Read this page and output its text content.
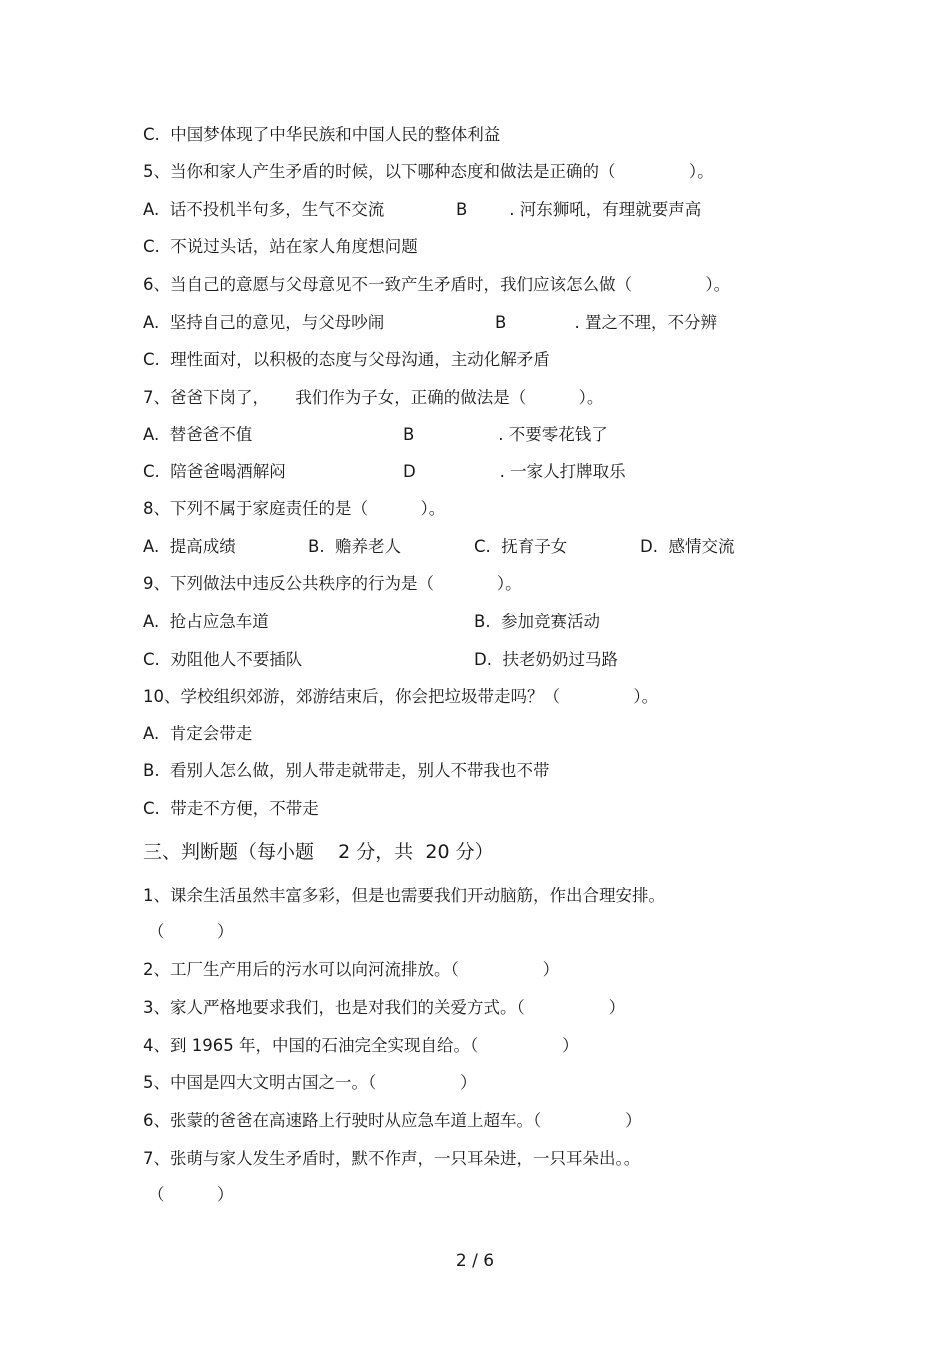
C.  中国梦体现了中华民族和中国人民的整体利益
5、当你和家人产生矛盾的时候，以下哪种态度和做法是正确的（              ）。
A.  话不投机半句多，生气不交流	B        . 河东狮吼，有理就要声高
C.  不说过头话，站在家人角度想问题
6、当自己的意愿与父母意见不一致产生矛盾时，我们应该怎么做（              ）。
A.  坚持自己的意见，与父母吵闹	B             . 置之不理，不分辨
C.  理性面对，以积极的态度与父母沟通，主动化解矛盾
7、爸爸下岗了，     我们作为子女，正确的做法是（          ）。
A.  替爸爸不值	B                . 不要零花钱了
C.  陪爸爸喝酒解闷	D                . 一家人打牌取乐
8、下列不属于家庭责任的是（          ）。
A.  提高成绩	B.  赡养老人	C.  抚育子女	D.  感情交流
9、下列做法中违反公共秩序的行为是（            ）。
A.  抢占应急车道	B.  参加竞赛活动
C.  劝阻他人不要插队	D.  扶老奶奶过马路
10、学校组织郊游，郊游结束后，你会把垃圾带走吗？（              ）。
A.  肯定会带走
B.  看别人怎么做，别人带走就带走，别人不带我也不带
C.  带走不方便，不带走
三、判断题（每小题    2 分，共  20 分）
1、课余生活虽然丰富多彩，但是也需要我们开动脑筋，作出合理安排。
（          ）
2、工厂生产用后的污水可以向河流排放。（                ）
3、家人严格地要求我们，也是对我们的关爱方式。（                ）
4、到 1965 年，中国的石油完全实现自给。（                ）
5、中国是四大文明古国之一。（                ）
6、张蒙的爸爸在高速路上行驶时从应急车道上超车。（                ）
7、张萌与家人发生矛盾时，默不作声，一只耳朵进，一只耳朵出。。
（          ）
2 / 6
